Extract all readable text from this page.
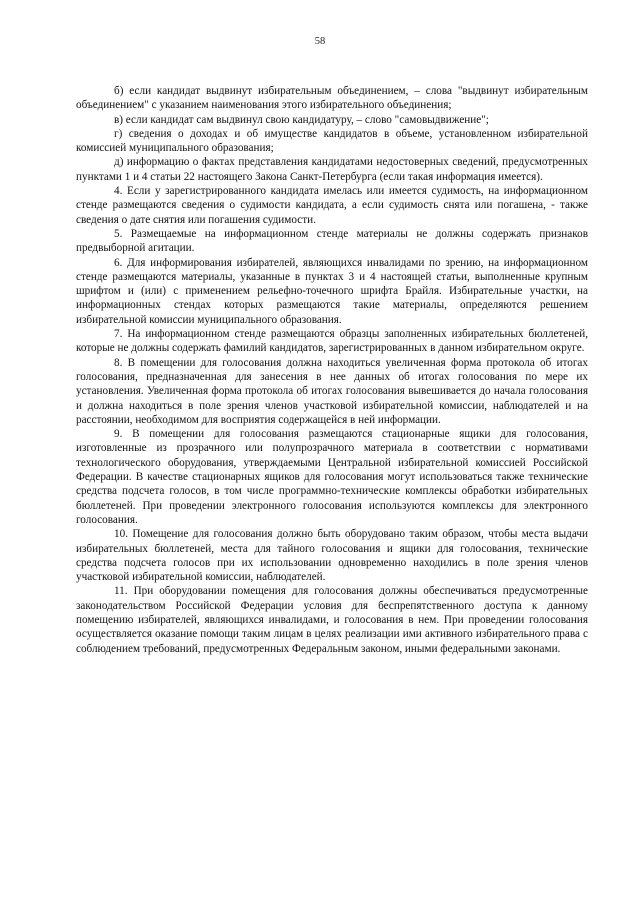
58

б) если кандидат выдвинут избирательным объединением, – слова "выдвинут избирательным объединением" с указанием наименования этого избирательного объединения;

в) если кандидат сам выдвинул свою кандидатуру, – слово "самовыдвижение";

г) сведения о доходах и об имуществе кандидатов в объеме, установленном избирательной комиссией муниципального образования;

д) информацию о фактах представления кандидатами недостоверных сведений, предусмотренных пунктами 1 и 4 статьи 22 настоящего Закона Санкт-Петербурга (если такая информация имеется).

4. Если у зарегистрированного кандидата имелась или имеется судимость, на информационном стенде размещаются сведения о судимости кандидата, а если судимость снята или погашена, - также сведения о дате снятия или погашения судимости.

5. Размещаемые на информационном стенде материалы не должны содержать признаков предвыборной агитации.

6. Для информирования избирателей, являющихся инвалидами по зрению, на информационном стенде размещаются материалы, указанные в пунктах 3 и 4 настоящей статьи, выполненные крупным шрифтом и (или) с применением рельефно-точечного шрифта Брайля. Избирательные участки, на информационных стендах которых размещаются такие материалы, определяются решением избирательной комиссии муниципального образования.

7. На информационном стенде размещаются образцы заполненных избирательных бюллетеней, которые не должны содержать фамилий кандидатов, зарегистрированных в данном избирательном округе.

8. В помещении для голосования должна находиться увеличенная форма протокола об итогах голосования, предназначенная для занесения в нее данных об итогах голосования по мере их установления. Увеличенная форма протокола об итогах голосования вывешивается до начала голосования и должна находиться в поле зрения членов участковой избирательной комиссии, наблюдателей и на расстоянии, необходимом для восприятия содержащейся в ней информации.

9. В помещении для голосования размещаются стационарные ящики для голосования, изготовленные из прозрачного или полупрозрачного материала в соответствии с нормативами технологического оборудования, утверждаемыми Центральной избирательной комиссией Российской Федерации. В качестве стационарных ящиков для голосования могут использоваться также технические средства подсчета голосов, в том числе программно-технические комплексы обработки избирательных бюллетеней. При проведении электронного голосования используются комплексы для электронного голосования.

10. Помещение для голосования должно быть оборудовано таким образом, чтобы места выдачи избирательных бюллетеней, места для тайного голосования и ящики для голосования, технические средства подсчета голосов при их использовании одновременно находились в поле зрения членов участковой избирательной комиссии, наблюдателей.

11. При оборудовании помещения для голосования должны обеспечиваться предусмотренные законодательством Российской Федерации условия для беспрепятственного доступа к данному помещению избирателей, являющихся инвалидами, и голосования в нем. При проведении голосования осуществляется оказание помощи таким лицам в целях реализации ими активного избирательного права с соблюдением требований, предусмотренных Федеральным законом, иными федеральными законами.
